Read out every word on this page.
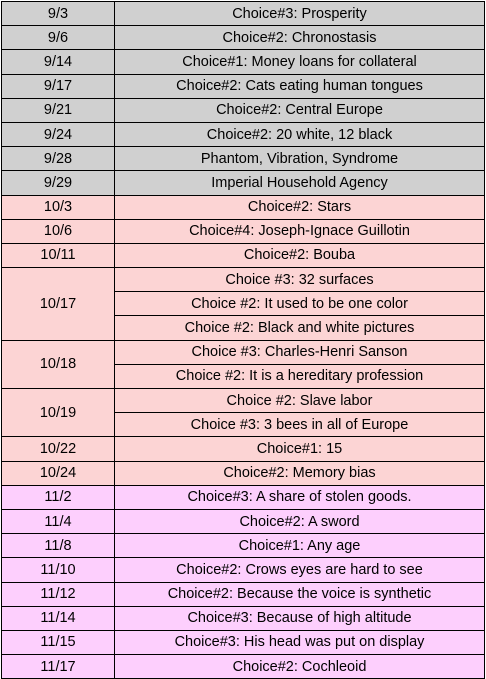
9/3	Choice#3: Prosperity
9/6	Choice#2: Chronostasis
9/14	Choice#1: Money loans for collateral
9/17	Choice#2: Cats eating human tongues
9/21	Choice#2: Central Europe
9/24	Choice#2: 20 white, 12 black
9/28	Phantom, Vibration, Syndrome
9/29	Imperial Household Agency
10/3	Choice#2: Stars
10/6	Choice#4: Joseph-Ignace Guillotin
10/11	Choice#2: Bouba
10/17	Choice #3: 32 surfaces
	Choice #2: It used to be one color
	Choice #2: Black and white pictures
10/18	Choice #3: Charles-Henri Sanson
	Choice #2: It is a hereditary profession
10/19	Choice #2: Slave labor
	Choice #3: 3 bees in all of Europe
10/22	Choice#1: 15
10/24	Choice#2: Memory bias
11/2	Choice#3: A share of stolen goods.
11/4	Choice#2: A sword
11/8	Choice#1: Any age
11/10	Choice#2: Crows eyes are hard to see
11/12	Choice#2: Because the voice is synthetic
11/14	Choice#3: Because of high altitude
11/15	Choice#3: His head was put on display
11/17	Choice#2: Cochleoid
